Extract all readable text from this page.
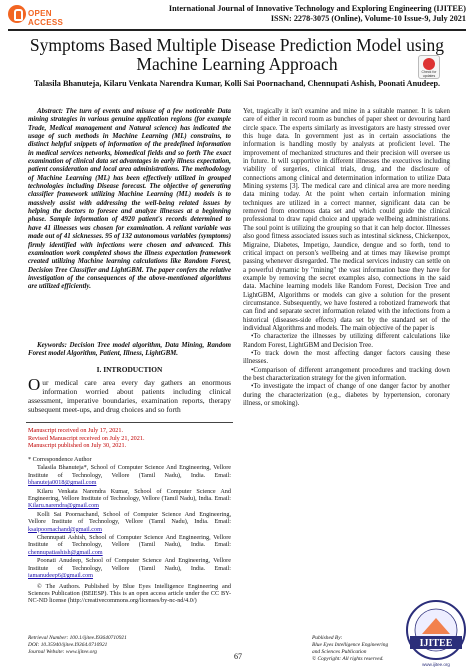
OPEN ACCESS
International Journal of Innovative Technology and Exploring Engineering (IJITEE)
ISSN: 2278-3075 (Online), Volume-10 Issue-9, July 2021
Symptoms Based Multiple Disease Prediction Model using Machine Learning Approach	Check for updates
Talasila Bhanuteja, Kilaru Venkata Narendra Kumar, Kolli Sai Poornachand, Chennupati Ashish, Poonati Anudeep.
Abstract: The turn of events and misuse of a few noticeable Data mining strategies in various genuine application regions (for example Trade, Medical management and Natural science) has indicated the usage of such methods in Machine Learning (ML) constrains, to distinct helpful snippets of information of the predefined information in medical services networks, biomedical fields and so forth The exact examination of clinical data set advantages in early illness expectation, patient consideration and local area administrations. The methodology of Machine Learning (ML) has been effectively utilized in grouped technologies including Disease forecast. The objective of generating classifier framework utilizing Machine Learning (ML) models is to massively assist with addressing the well-being related issues by helping the doctors to foresee and analyze illnesses at a beginning phase. Sample information of 4920 patient's records determined to have 41 illnesses was chosen for examination. A reliant variable was made out of 41 sicknesses. 95 of 132 autonomous variables (symptoms) firmly identified with infections were chosen and advanced. This examination work completed shows the illness expectation framework created utilizing Machine learning calculations like Random Forest, Decision Tree Classifier and LightGBM. The paper confers the relative investigation of the consequences of the above-mentioned algorithms are utilized efficiently.
Keywords: Decision Tree model algorithm, Data Mining, Random Forest model Algorithm, Patient, Illness, LightGBM.
I. INTRODUCTION
Our medical care area every day gathers an enormous information worried about patients including clinical assessment, imperative boundaries, examination reports, therapy subsequent meet-ups, and drug choices and so forth
Manuscript received on July 17, 2021.
Revised Manuscript received on July 21, 2021.
Manuscript published on July 30, 2021.

* Correspondence Author

Talasila Bhanuteja*, School of Computer Science And Engineering, Vellore Institute of Technology, Vellore (Tamil Nadu), India. Email: bhanuteja0018@gmail.com

Kilaru Venkata Narendra Kumar, School of Computer Science And Engineering, Vellore Institute of Technology, Vellore (Tamil Nadu), India. Email: Kilaru.narendra@gmail.com

Kolli Sai Poornachand, School of Computer Science And Engineering, Vellore Institute of Technology, Vellore (Tamil Nadu), India. Email: ksaipoornachand@gmail.com

Chennupati Ashish, School of Computer Science And Engineering, Vellore Institute of Technology, Vellore (Tamil Nadu), India. Email: chennupatiashish@gmail.com

Poonati Anudeep, School of Computer Science And Engineering, Vellore Institute of Technology, Vellore (Tamil Nadu), India. Email: iamanudeep6@gmail.com

© The Authors. Published by Blue Eyes Intelligence Engineering and Sciences Publication (BEIESP). This is an open access article under the CC BY-NC-ND license (http://creativecommons.org/licenses/by-nc-nd/4.0/)

Yet, tragically it isn't examine and mine in a suitable manner. It is taken care of either in record room as bunches of paper sheet or devouring hard circle space. The experts similarly as investigators are hasty stressed over this huge data. In government just as in certain associations the information is handling mostly by analysts at proficient level. The improvement of mechanized structures and their precision will oversee us in future. It will supportive in different illnesses the executives including viability of surgeries, clinical trials, drug, and the disclosure of connections among clinical and determination information to utilize Data Mining systems [3]. The medical care and clinical area are more needing data mining today. At the point when certain information mining techniques are utilized in a correct manner, significant data can be removed from enormous data set and which could guide the clinical professional to draw rapid choice and upgrade wellbeing administrations. The soul point is utilizing the grouping so that it can help doctor. Illnesses also good fitness associated issues such as intestinal sickness, Chickenpox, Migraine, Diabetes, Impetigo, Jaundice, dengue and so forth, tend to critical impact on person's wellbeing and at times may likewise prompt passing whenever disregarded. The medical services industry can settle on a powerful dynamic by "mining" the vast information base they have for example by removing the secret examples also, connections in the said data. Machine learning models like Random Forest, Decision Tree and LightGBM, Algorithms or models can give a solution for the present circumstance. Subsequently, we have fostered a robotized framework that can find and separate secret information related with the infections from a historical (diseases-side effects) data set by the standard set of the individual Algorithms and models. The main objective of the paper is

•To characterize the illnesses by utilizing different calculations like Random Forest, LightGBM and Decision Tree.

•To track down the most affecting danger factors causing these illnesses.

•Comparison of different arrangement procedures and tracking down the best characterization strategy for the given information.

•To investigate the impact of change of one danger factor by another during the characterization (e.g., diabetes by hypertension, coronary illness, or smoking).

Retrieval Number: 100.1/ijitee.I93640710921
DOI: 10.35940/ijitee.I9364.0710921
Journal Website: www.ijitee.org	67
Published By:
Blue Eyes Intelligence Engineering
and Sciences Publication
© Copyright: All rights reserved.
IJITEE
www.ijitee.org
